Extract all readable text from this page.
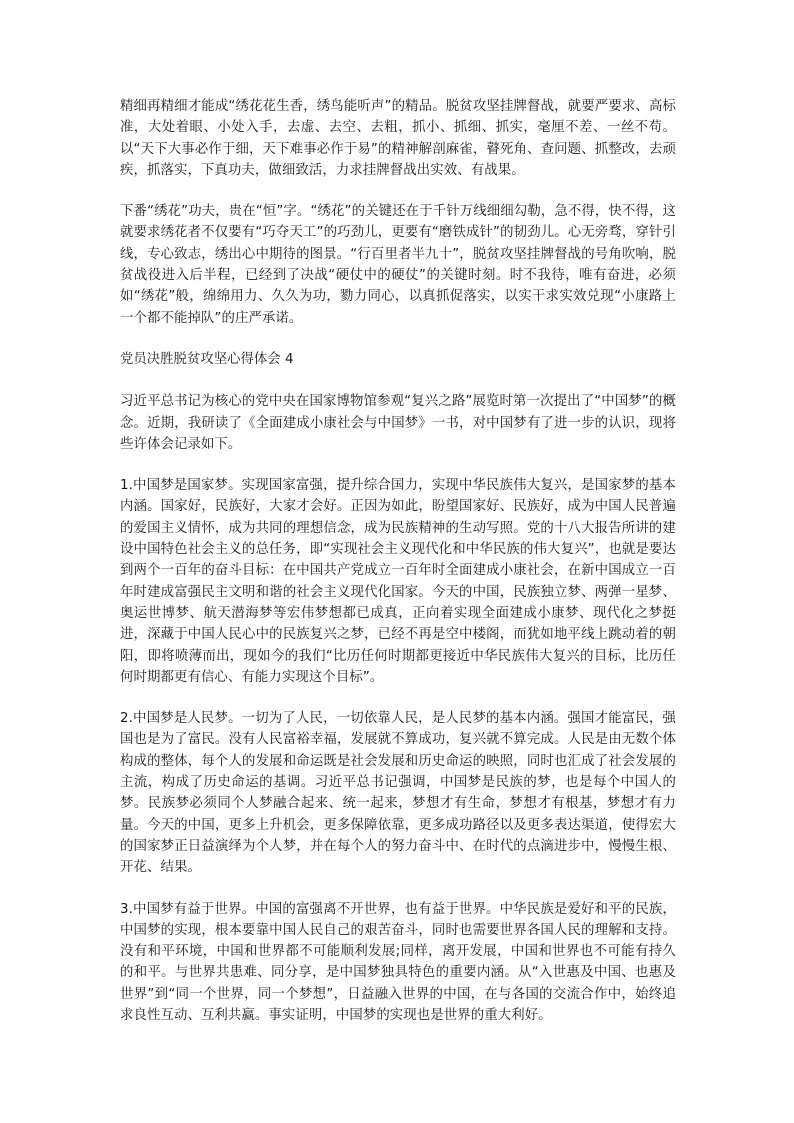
精细再精细才能成“绣花花生香，绣鸟能听声”的精品。脱贫攻坚挂牌督战，就要严要求、高标准，大处着眼、小处入手，去虚、去空、去粗，抓小、抓细、抓实，毫厘不差、一丝不苟。以“天下大事必作于细，天下难事必作于易”的精神解剖麻雀，瞽死角、查问题、抓整改，去顽疾，抓落实，下真功夫，做细致活，力求挂牌督战出实效、有战果。

下番“绣花”功夫，贵在“恒”字。“绣花”的关键还在于千针万线细细勾勒，急不得，快不得，这就要求绣花者不仅要有“巧夺天工”的巧劲儿，更要有“磨铁成针”的韧劲儿。心无旁骛，穿针引线，专心致志，绣出心中期待的图景。“行百里者半九十”，脱贫攻坚挂牌督战的号角吹响，脱贫战役进入后半程，已经到了决战“硬仗中的硬仗”的关键时刻。时不我待，唯有奋进，必须如“绣花”般，绵绵用力、久久为功，勠力同心，以真抓促落实，以实干求实效兑现“小康路上一个都不能掉队”的庄严承诺。

党员决胜脱贫攻坚心得体会 4

习近平总书记为核心的党中央在国家博物馆参观“复兴之路”展览时第一次提出了“中国梦”的概念。近期，我研读了《全面建成小康社会与中国梦》一书，对中国梦有了进一步的认识，现将些许体会记录如下。

1.中国梦是国家梦。实现国家富强，提升综合国力，实现中华民族伟大复兴，是国家梦的基本内涵。国家好，民族好，大家才会好。正因为如此，盼望国家好、民族好，成为中国人民普遍的爱国主义情怀，成为共同的理想信念，成为民族精神的生动写照。党的十八大报告所讲的建设中国特色社会主义的总任务，即“实现社会主义现代化和中华民族的伟大复兴”，也就是要达到两个一百年的奋斗目标：在中国共产党成立一百年时全面建成小康社会，在新中国成立一百年时建成富强民主文明和谐的社会主义现代化国家。今天的中国，民族独立梦、两弹一星梦、奥运世博梦、航天潜海梦等宏伟梦想都已成真，正向着实现全面建成小康梦、现代化之梦挺进，深藏于中国人民心中的民族复兴之梦，已经不再是空中楼阁，而犹如地平线上跳动着的朝阳，即将喷薄而出，现如今的我们“比历任何时期都更接近中华民族伟大复兴的目标，比历任何时期都更有信心、有能力实现这个目标”。

2.中国梦是人民梦。一切为了人民，一切依靠人民，是人民梦的基本内涵。强国才能富民，强国也是为了富民。没有人民富裕幸福，发展就不算成功，复兴就不算完成。人民是由无数个体构成的整体，每个人的发展和命运既是社会发展和历史命运的映照，同时也汇成了社会发展的主流，构成了历史命运的基调。习近平总书记强调，中国梦是民族的梦，也是每个中国人的梦。民族梦必须同个人梦融合起来、统一起来，梦想才有生命，梦想才有根基，梦想才有力量。今天的中国，更多上升机会，更多保障依靠，更多成功路径以及更多表达渠道，使得宏大的国家梦正日益演绎为个人梦，并在每个人的努力奋斗中、在时代的点滴进步中，慢慢生根、开花、结果。

3.中国梦有益于世界。中国的富强离不开世界，也有益于世界。中华民族是爱好和平的民族，中国梦的实现，根本要靠中国人民自己的艰苦奋斗，同时也需要世界各国人民的理解和支持。没有和平环境，中国和世界都不可能顺利发展;同样，离开发展，中国和世界也不可能有持久的和平。与世界共患难、同分享，是中国梦独具特色的重要内涵。从“入世惠及中国、也惠及世界”到“同一个世界，同一个梦想”，日益融入世界的中国，在与各国的交流合作中，始终追求良性互动、互利共赢。事实证明，中国梦的实现也是世界的重大利好。
